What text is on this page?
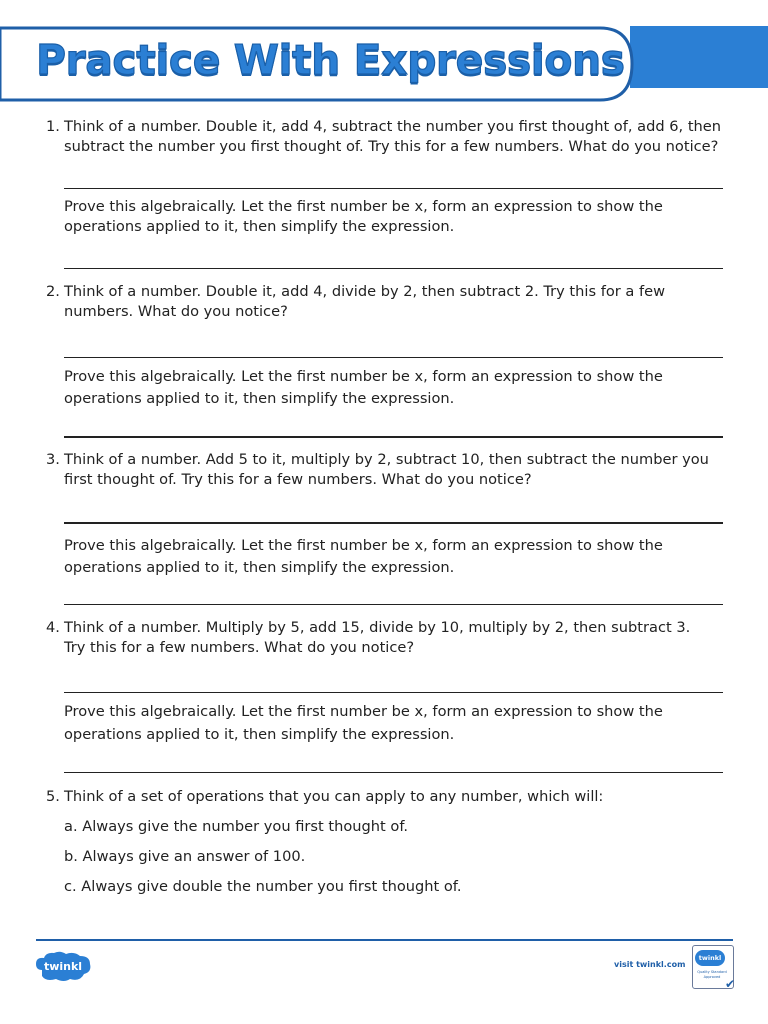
Practice With Expressions
1. Think of a number. Double it, add 4, subtract the number you first thought of, add 6, then
subtract the number you first thought of. Try this for a few numbers. What do you notice?
Prove this algebraically. Let the first number be x, form an expression to show the
operations applied to it, then simplify the expression.
2. Think of a number. Double it, add 4, divide by 2, then subtract 2. Try this for a few
numbers. What do you notice?
Prove this algebraically. Let the first number be x, form an expression to show the
operations applied to it, then simplify the expression.
3. Think of a number. Add 5 to it, multiply by 2, subtract 10, then subtract the number you
first thought of. Try this for a few numbers. What do you notice?
Prove this algebraically. Let the first number be x, form an expression to show the
operations applied to it, then simplify the expression.
4. Think of a number. Multiply by 5, add 15, divide by 10, multiply by 2, then subtract 3.
Try this for a few numbers. What do you notice?
Prove this algebraically. Let the first number be x, form an expression to show the
operations applied to it, then simplify the expression.
5. Think of a set of operations that you can apply to any number, which will:
a. Always give the number you first thought of.
b. Always give an answer of 100.
c. Always give double the number you first thought of.
twinkl	visit twinkl.com
twinkl
Quality Standard Approved
✔
